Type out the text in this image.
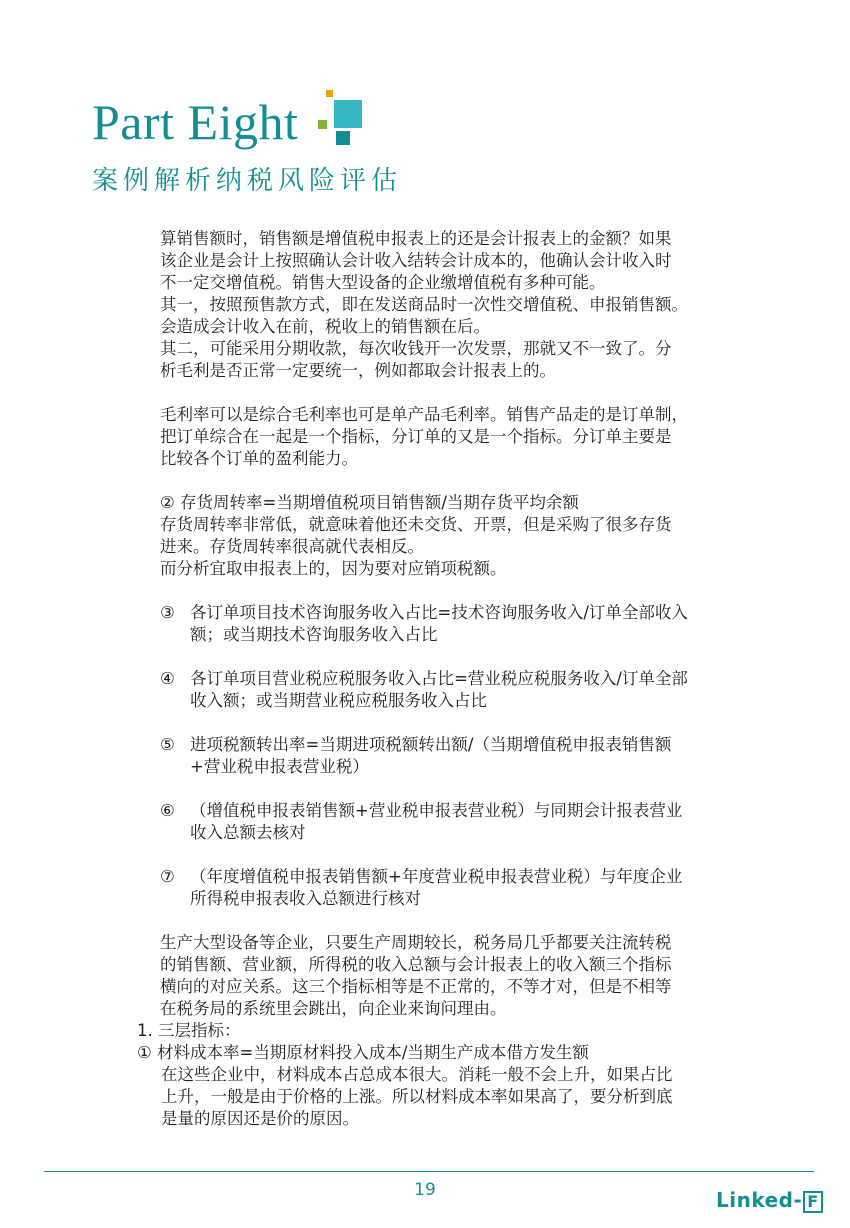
Part Eight
案例解析纳税风险评估

算销售额时，销售额是增值税申报表上的还是会计报表上的金额？如果

该企业是会计上按照确认会计收入结转会计成本的，他确认会计收入时

不一定交增值税。销售大型设备的企业缴增值税有多种可能。

其一，按照预售款方式，即在发送商品时一次性交增值税、申报销售额。

会造成会计收入在前，税收上的销售额在后。

其二，可能采用分期收款，每次收钱开一次发票，那就又不一致了。分

析毛利是否正常一定要统一，例如都取会计报表上的。

毛利率可以是综合毛利率也可是单产品毛利率。销售产品走的是订单制，

把订单综合在一起是一个指标，分订单的又是一个指标。分订单主要是

比较各个订单的盈利能力。

② 存货周转率=当期增值税项目销售额/当期存货平均余额

存货周转率非常低，就意味着他还未交货、开票，但是采购了很多存货

进来。存货周转率很高就代表相反。

而分析宜取申报表上的，因为要对应销项税额。

③ 各订单项目技术咨询服务收入占比=技术咨询服务收入/订单全部收入

额；或当期技术咨询服务收入占比

④ 各订单项目营业税应税服务收入占比=营业税应税服务收入/订单全部

收入额；或当期营业税应税服务收入占比

⑤ 进项税额转出率=当期进项税额转出额/（当期增值税申报表销售额

+营业税申报表营业税）

⑥ （增值税申报表销售额+营业税申报表营业税）与同期会计报表营业

收入总额去核对

⑦ （年度增值税申报表销售额+年度营业税申报表营业税）与年度企业

所得税申报表收入总额进行核对

生产大型设备等企业，只要生产周期较长，税务局几乎都要关注流转税

的销售额、营业额，所得税的收入总额与会计报表上的收入额三个指标

横向的对应关系。这三个指标相等是不正常的，不等才对，但是不相等

在税务局的系统里会跳出，向企业来询问理由。

1. 三层指标：

① 材料成本率=当期原材料投入成本/当期生产成本借方发生额

在这些企业中，材料成本占总成本很大。消耗一般不会上升，如果占比

上升，一般是由于价格的上涨。所以材料成本率如果高了，要分析到底

是量的原因还是价的原因。

19	Linked- F
